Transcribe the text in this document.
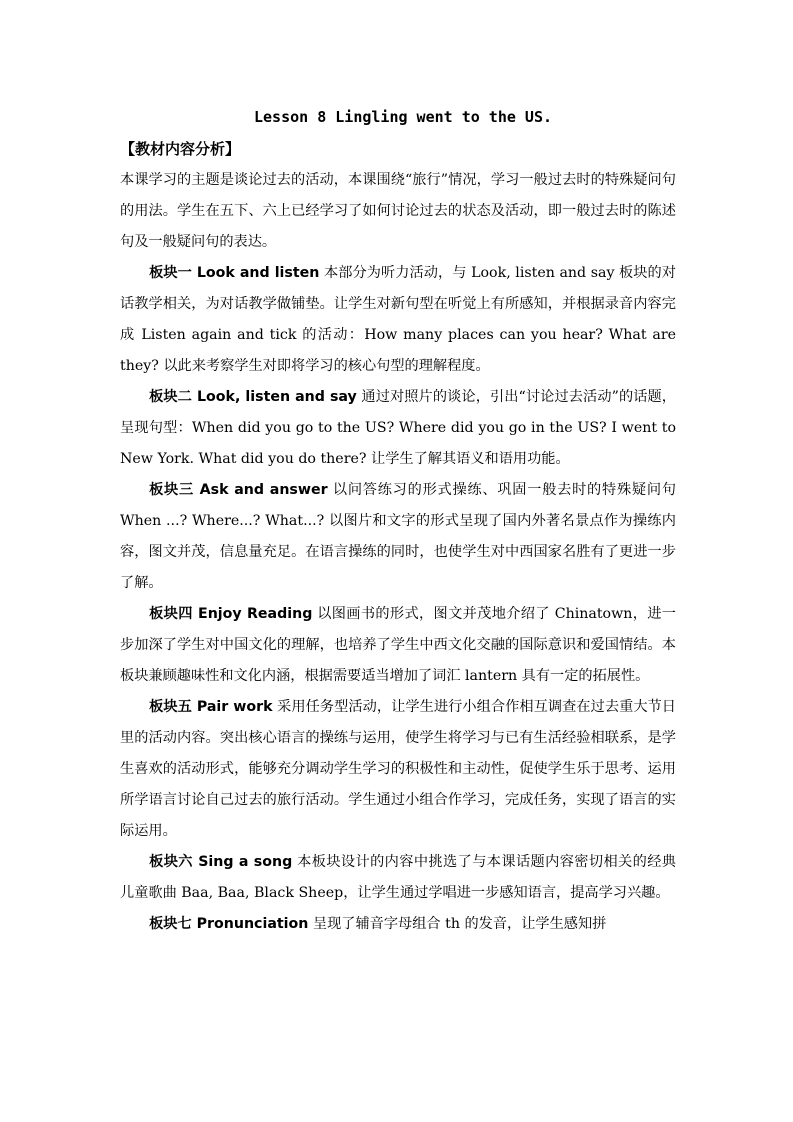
Lesson 8 Lingling went to the US.
【教材内容分析】

本课学习的主题是谈论过去的活动，本课围绕“旅行”情况，学习一般过去时的特殊疑问句的用法。学生在五下、六上已经学习了如何讨论过去的状态及活动，即一般过去时的陈述句及一般疑问句的表达。

板块一 Look and listen 本部分为听力活动，与 Look, listen and say 板块的对话教学相关，为对话教学做铺垫。让学生对新句型在听觉上有所感知，并根据录音内容完成 Listen again and tick 的活动：How many places can you hear? What are they? 以此来考察学生对即将学习的核心句型的理解程度。

板块二 Look, listen and say 通过对照片的谈论，引出“讨论过去活动”的话题，呈现句型：When did you go to the US? Where did you go in the US? I went to New York. What did you do there? 让学生了解其语义和语用功能。

板块三 Ask and answer 以问答练习的形式操练、巩固一般去时的特殊疑问句 When ...? Where...? What...? 以图片和文字的形式呈现了国内外著名景点作为操练内容，图文并茂，信息量充足。在语言操练的同时，也使学生对中西国家名胜有了更进一步了解。

板块四 Enjoy Reading 以图画书的形式，图文并茂地介绍了 Chinatown，进一步加深了学生对中国文化的理解，也培养了学生中西文化交融的国际意识和爱国情结。本板块兼顾趣味性和文化内涵，根据需要适当增加了词汇 lantern 具有一定的拓展性。

板块五 Pair work 采用任务型活动，让学生进行小组合作相互调查在过去重大节日里的活动内容。突出核心语言的操练与运用，使学生将学习与已有生活经验相联系，是学生喜欢的活动形式，能够充分调动学生学习的积极性和主动性，促使学生乐于思考、运用所学语言讨论自己过去的旅行活动。学生通过小组合作学习，完成任务，实现了语言的实际运用。

板块六 Sing a song 本板块设计的内容中挑选了与本课话题内容密切相关的经典儿童歌曲 Baa, Baa, Black Sheep，让学生通过学唱进一步感知语言，提高学习兴趣。

板块七 Pronunciation 呈现了辅音字母组合 th 的发音，让学生感知拼
